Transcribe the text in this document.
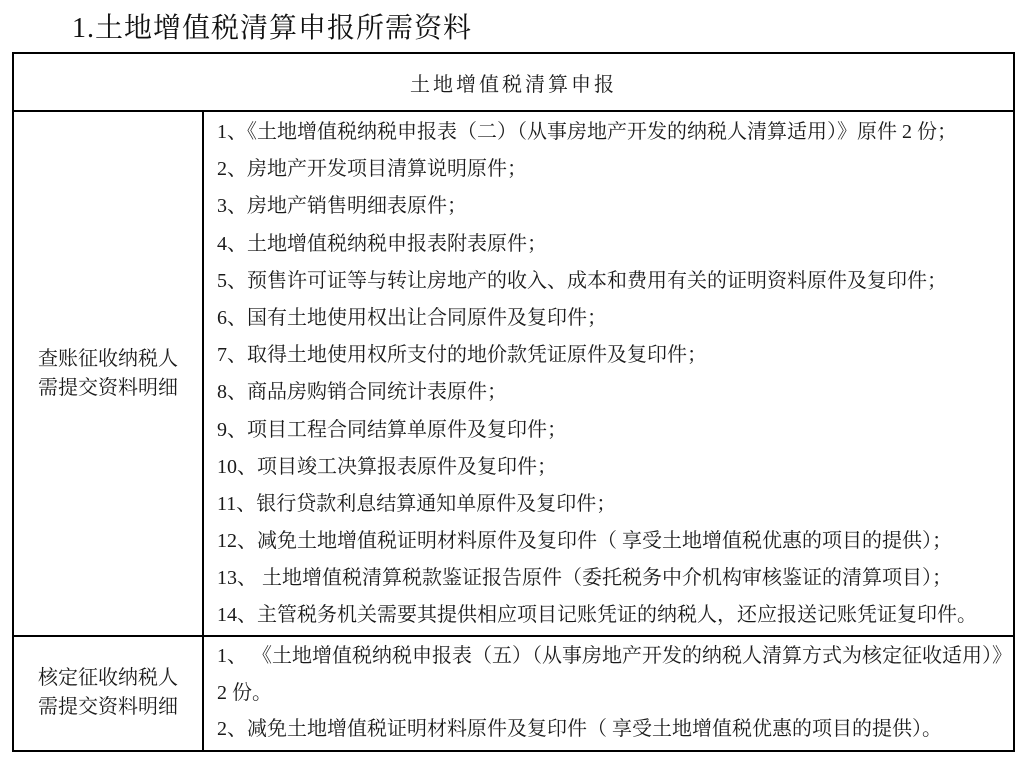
1.土地增值税清算申报所需资料
土地增值税清算申报
查账征收纳税人
需提交资料明细
1、《土地增值税纳税申报表（二）（从事房地产开发的纳税人清算适用）》原件 2 份；
2、房地产开发项目清算说明原件；
3、房地产销售明细表原件；
4、土地增值税纳税申报表附表原件；
5、预售许可证等与转让房地产的收入、成本和费用有关的证明资料原件及复印件；
6、国有土地使用权出让合同原件及复印件；
7、取得土地使用权所支付的地价款凭证原件及复印件；
8、商品房购销合同统计表原件；
9、项目工程合同结算单原件及复印件；
10、项目竣工决算报表原件及复印件；
11、银行贷款利息结算通知单原件及复印件；
12、减免土地增值税证明材料原件及复印件（ 享受土地增值税优惠的项目的提供）；
13、 土地增值税清算税款鉴证报告原件（委托税务中介机构审核鉴证的清算项目）；
14、主管税务机关需要其提供相应项目记账凭证的纳税人，还应报送记账凭证复印件。
核定征收纳税人
需提交资料明细
1、 《土地增值税纳税申报表（五）（从事房地产开发的纳税人清算方式为核定征收适用）》2 份。
2、减免土地增值税证明材料原件及复印件（ 享受土地增值税优惠的项目的提供）。
